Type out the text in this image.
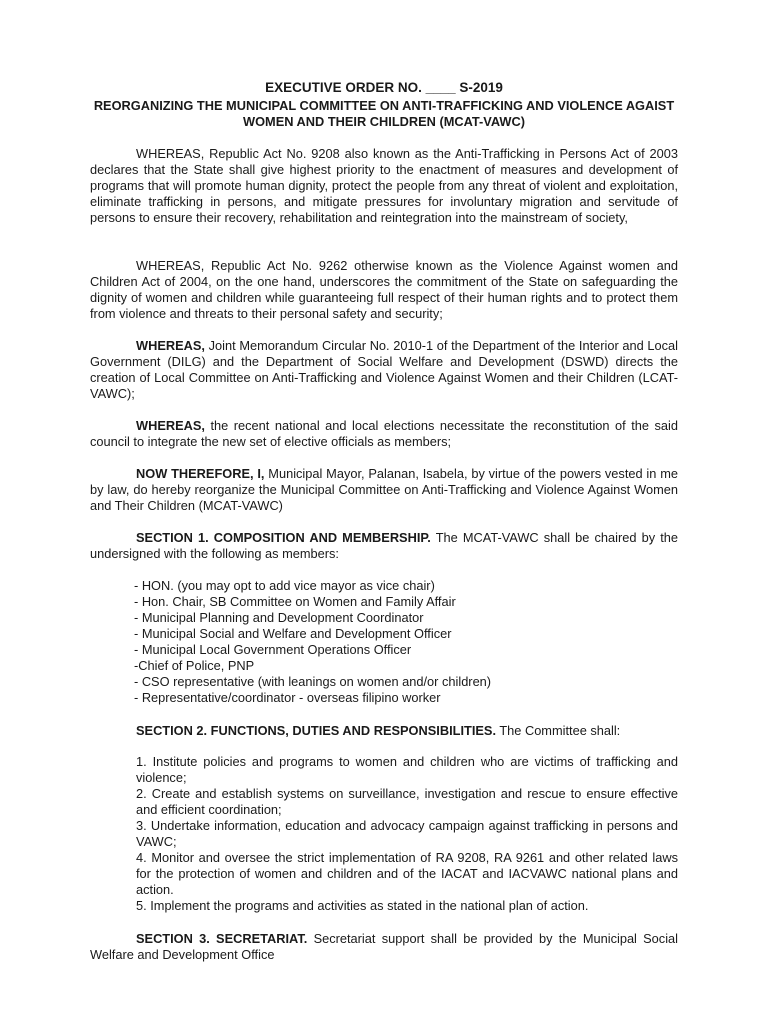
EXECUTIVE ORDER NO. ____ S-2019
REORGANIZING THE MUNICIPAL COMMITTEE ON ANTI-TRAFFICKING AND VIOLENCE AGAIST WOMEN AND THEIR CHILDREN (MCAT-VAWC)

WHEREAS, Republic Act No. 9208 also known as the Anti-Trafficking in Persons Act of 2003 declares that the State shall give highest priority to the enactment of measures and development of programs that will promote human dignity, protect the people from any threat of violent and exploitation, eliminate trafficking in persons, and mitigate pressures for involuntary migration and servitude of persons to ensure their recovery, rehabilitation and reintegration into the mainstream of society,

WHEREAS, Republic Act No. 9262 otherwise known as the Violence Against women and Children Act of 2004, on the one hand, underscores the commitment of the State on safeguarding the dignity of women and children while guaranteeing full respect of their human rights and to protect them from violence and threats to their personal safety and security;

WHEREAS, Joint Memorandum Circular No. 2010-1 of the Department of the Interior and Local Government (DILG) and the Department of Social Welfare and Development (DSWD) directs the creation of Local Committee on Anti-Trafficking and Violence Against Women and their Children (LCAT-VAWC);

WHEREAS, the recent national and local elections necessitate the reconstitution of the said council to integrate the new set of elective officials as members;

NOW THEREFORE, I, Municipal Mayor, Palanan, Isabela, by virtue of the powers vested in me by law, do hereby reorganize the Municipal Committee on Anti-Trafficking and Violence Against Women and Their Children (MCAT-VAWC)

SECTION 1. COMPOSITION AND MEMBERSHIP. The MCAT-VAWC shall be chaired by the undersigned with the following as members:

- HON. (you may opt to add vice mayor as vice chair)
- Hon. Chair, SB Committee on Women and Family Affair
- Municipal Planning and Development Coordinator
- Municipal Social and Welfare and Development Officer
- Municipal Local Government Operations Officer
-Chief of Police, PNP
- CSO representative (with leanings on women and/or children)
- Representative/coordinator - overseas filipino worker

SECTION 2. FUNCTIONS, DUTIES AND RESPONSIBILITIES. The Committee shall:

1. Institute policies and programs to women and children who are victims of trafficking and violence;
2. Create and establish systems on surveillance, investigation and rescue to ensure effective and efficient coordination;
3. Undertake information, education and advocacy campaign against trafficking in persons and VAWC;
4. Monitor and oversee the strict implementation of RA 9208, RA 9261 and other related laws for the protection of women and children and of the IACAT and IACVAWC national plans and action.
5. Implement the programs and activities as stated in the national plan of action.

SECTION 3. SECRETARIAT. Secretariat support shall be provided by the Municipal Social Welfare and Development Office
